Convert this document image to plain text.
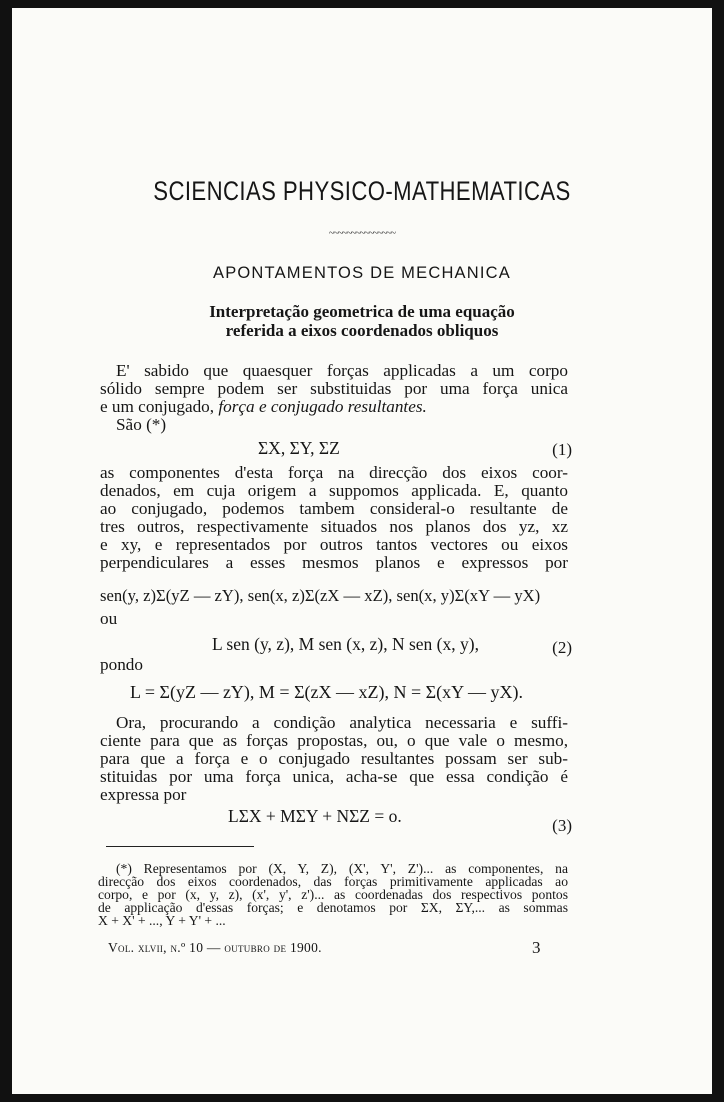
SCIENCIAS PHYSICO-MATHEMATICAS
~~~~~~~~~~~~~~~
APONTAMENTOS DE MECHANICA
Interpretação geometrica de uma equação
referida a eixos coordenados obliquos
E' sabido que quaesquer forças applicadas a um corpo
sólido sempre podem ser substituidas por uma força unica
e um conjugado, força e conjugado resultantes.
São (*)
ΣX, ΣY, ΣZ	(1)
as componentes d'esta força na direcção dos eixos coor-
denados, em cuja origem a suppomos applicada. E, quanto
ao conjugado, podemos tambem consideral-o resultante de
tres outros, respectivamente situados nos planos dos yz, xz
e xy, e representados por outros tantos vectores ou eixos
perpendiculares a esses mesmos planos e expressos por
sen(y, z)Σ(yZ — zY), sen(x, z)Σ(zX — xZ), sen(x, y)Σ(xY — yX)
ou
L sen (y, z), M sen (x, z), N sen (x, y),	(2)
pondo
L = Σ(yZ — zY), M = Σ(zX — xZ), N = Σ(xY — yX).
Ora, procurando a condição analytica necessaria e suffi-
ciente para que as forças propostas, ou, o que vale o mesmo,
para que a força e o conjugado resultantes possam ser sub-
stituidas por uma força unica, acha-se que essa condição é
expressa por
LΣX + MΣY + NΣZ = o.	(3)
(*) Representamos por (X, Y, Z), (X', Y', Z')... as componentes, na
direcção dos eixos coordenados, das forças primitivamente applicadas ao
corpo, e por (x, y, z), (x', y', z')... as coordenadas dos respectivos pontos
de applicação d'essas forças; e denotamos por ΣX, ΣY,... as sommas
X + X' + ..., Y + Y' + ...
Vol. xlvii, n.º 10 — outubro de 1900.	3
